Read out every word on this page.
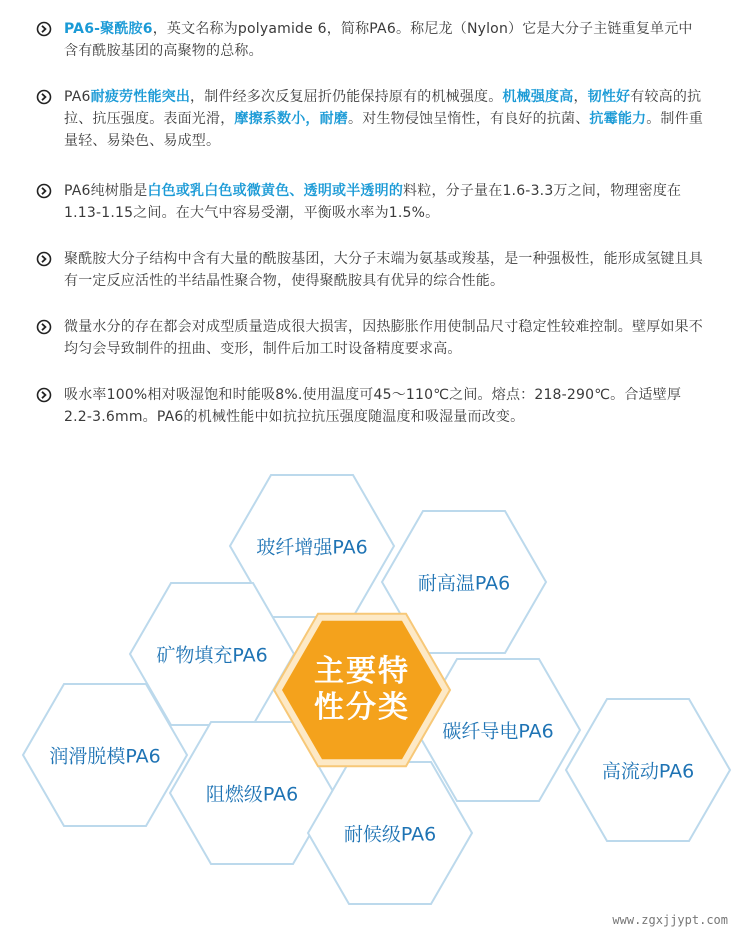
PA6-聚酰胺6，英文名称为polyamide 6，简称PA6。称尼龙（Nylon）它是大分子主链重复单元中含有酰胺基团的高聚物的总称。
PA6耐疲劳性能突出，制件经多次反复屈折仍能保持原有的机械强度。机械强度高，韧性好有较高的抗拉、抗压强度。表面光滑，摩擦系数小，耐磨。对生物侵蚀呈惰性，有良好的抗菌、抗霉能力。制件重量轻、易染色、易成型。
PA6纯树脂是白色或乳白色或微黄色、透明或半透明的料粒，分子量在1.6-3.3万之间，物理密度在1.13-1.15之间。在大气中容易受潮，平衡吸水率为1.5%。
聚酰胺大分子结构中含有大量的酰胺基团，大分子末端为氨基或羧基，是一种强极性，能形成氢键且具有一定反应活性的半结晶性聚合物，使得聚酰胺具有优异的综合性能。
微量水分的存在都会对成型质量造成很大损害，因热膨胀作用使制品尺寸稳定性较难控制。壁厚如果不均匀会导致制件的扭曲、变形，制件后加工时设备精度要求高。
吸水率100%相对吸湿饱和时能吸8%.使用温度可45～110℃之间。熔点：218-290℃。合适壁厚2.2-3.6mm。PA6的机械性能中如抗拉抗压强度随温度和吸湿量而改变。
玻纤增强PA6
耐高温PA6
矿物填充PA6
碳纤导电PA6
润滑脱模PA6
阻燃级PA6
高流动PA6
耐候级PA6
主要特
性分类
www.zgxjjypt.com
